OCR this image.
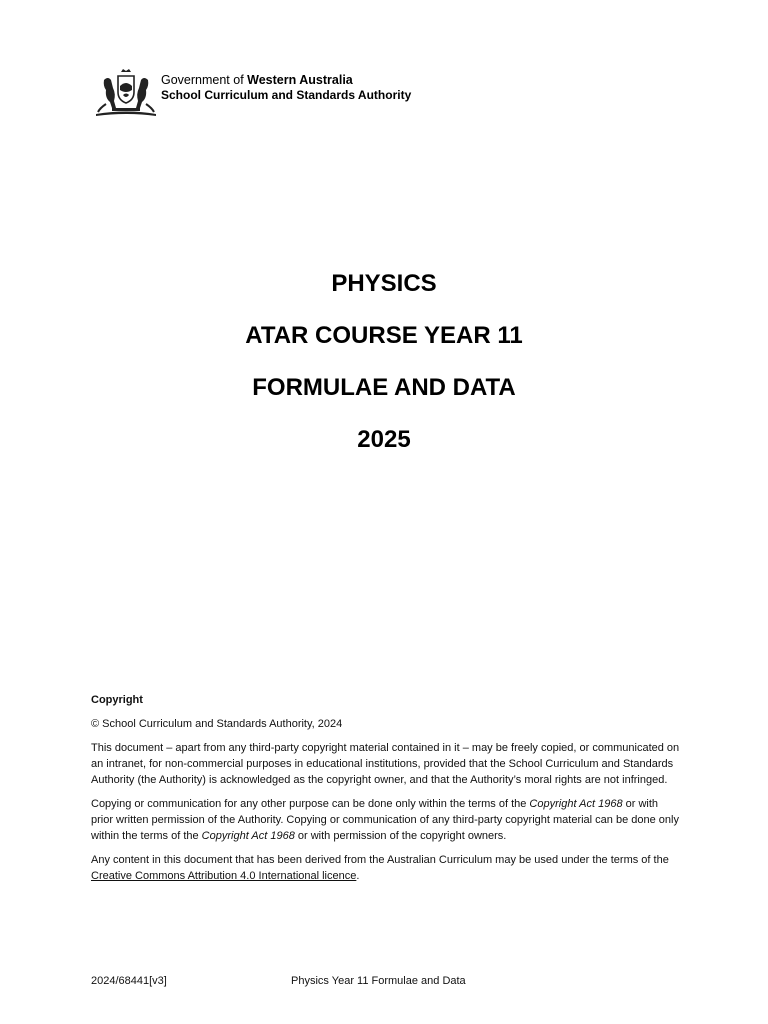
Government of Western Australia
School Curriculum and Standards Authority
PHYSICS
ATAR COURSE YEAR 11
FORMULAE AND DATA
2025

Copyright

© School Curriculum and Standards Authority, 2024

This document – apart from any third-party copyright material contained in it – may be freely copied, or communicated on an intranet, for non-commercial purposes in educational institutions, provided that the School Curriculum and Standards Authority (the Authority) is acknowledged as the copyright owner, and that the Authority’s moral rights are not infringed.

Copying or communication for any other purpose can be done only within the terms of the Copyright Act 1968 or with prior written permission of the Authority. Copying or communication of any third-party copyright material can be done only within the terms of the Copyright Act 1968 or with permission of the copyright owners.

Any content in this document that has been derived from the Australian Curriculum may be used under the terms of the Creative Commons Attribution 4.0 International licence.

2024/68441[v3]	Physics Year 11 Formulae and Data
